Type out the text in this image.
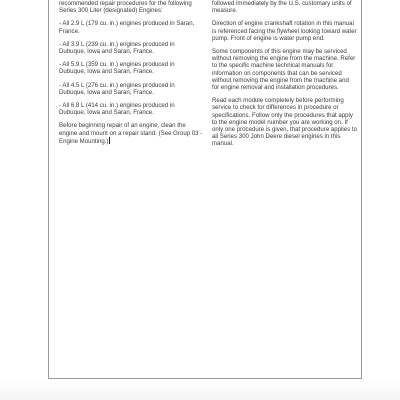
recommended repair procedures for the following
Series 300 Liter (designated) Engines:

- All 2.9 L (179 cu. in.) engines produced in Saran,
France.

- All 3.9 L (239 cu. in.) engines produced in
Dubuque, Iowa and Saran, France.

- All 5.9 L (359 cu. in.) engines produced in
Dubuque, Iowa and Saran, France.

- All 4.5 L (276 cu. in.) engines produced in
Dubuque, Iowa and Saran, France.

- All 6.8 L (414 cu. in.) engines produced in
Dubuque, Iowa and Saran, France.

Before beginning repair of an engine, clean the
engine and mount on a repair stand. (See Group 03 -
Engine Mounting.)

followed immediately by the U.S. customary units of
measure.

Direction of engine crankshaft rotation in this manual
is referenced facing the flywheel looking toward water
pump. Front of engine is water pump end.

Some components of this engine may be serviced
without removing the engine from the machine. Refer
to the specific machine technical manuals for
information on components that can be serviced
without removing the engine from the machine and
for engine removal and installation procedures.

Read each module completely before performing
service to check for differences in procedure or
specifications. Follow only the procedures that apply
to the engine model number you are working on. If
only one procedure is given, that procedure applies to
all Series 300 John Deere diesel engines in this
manual.
